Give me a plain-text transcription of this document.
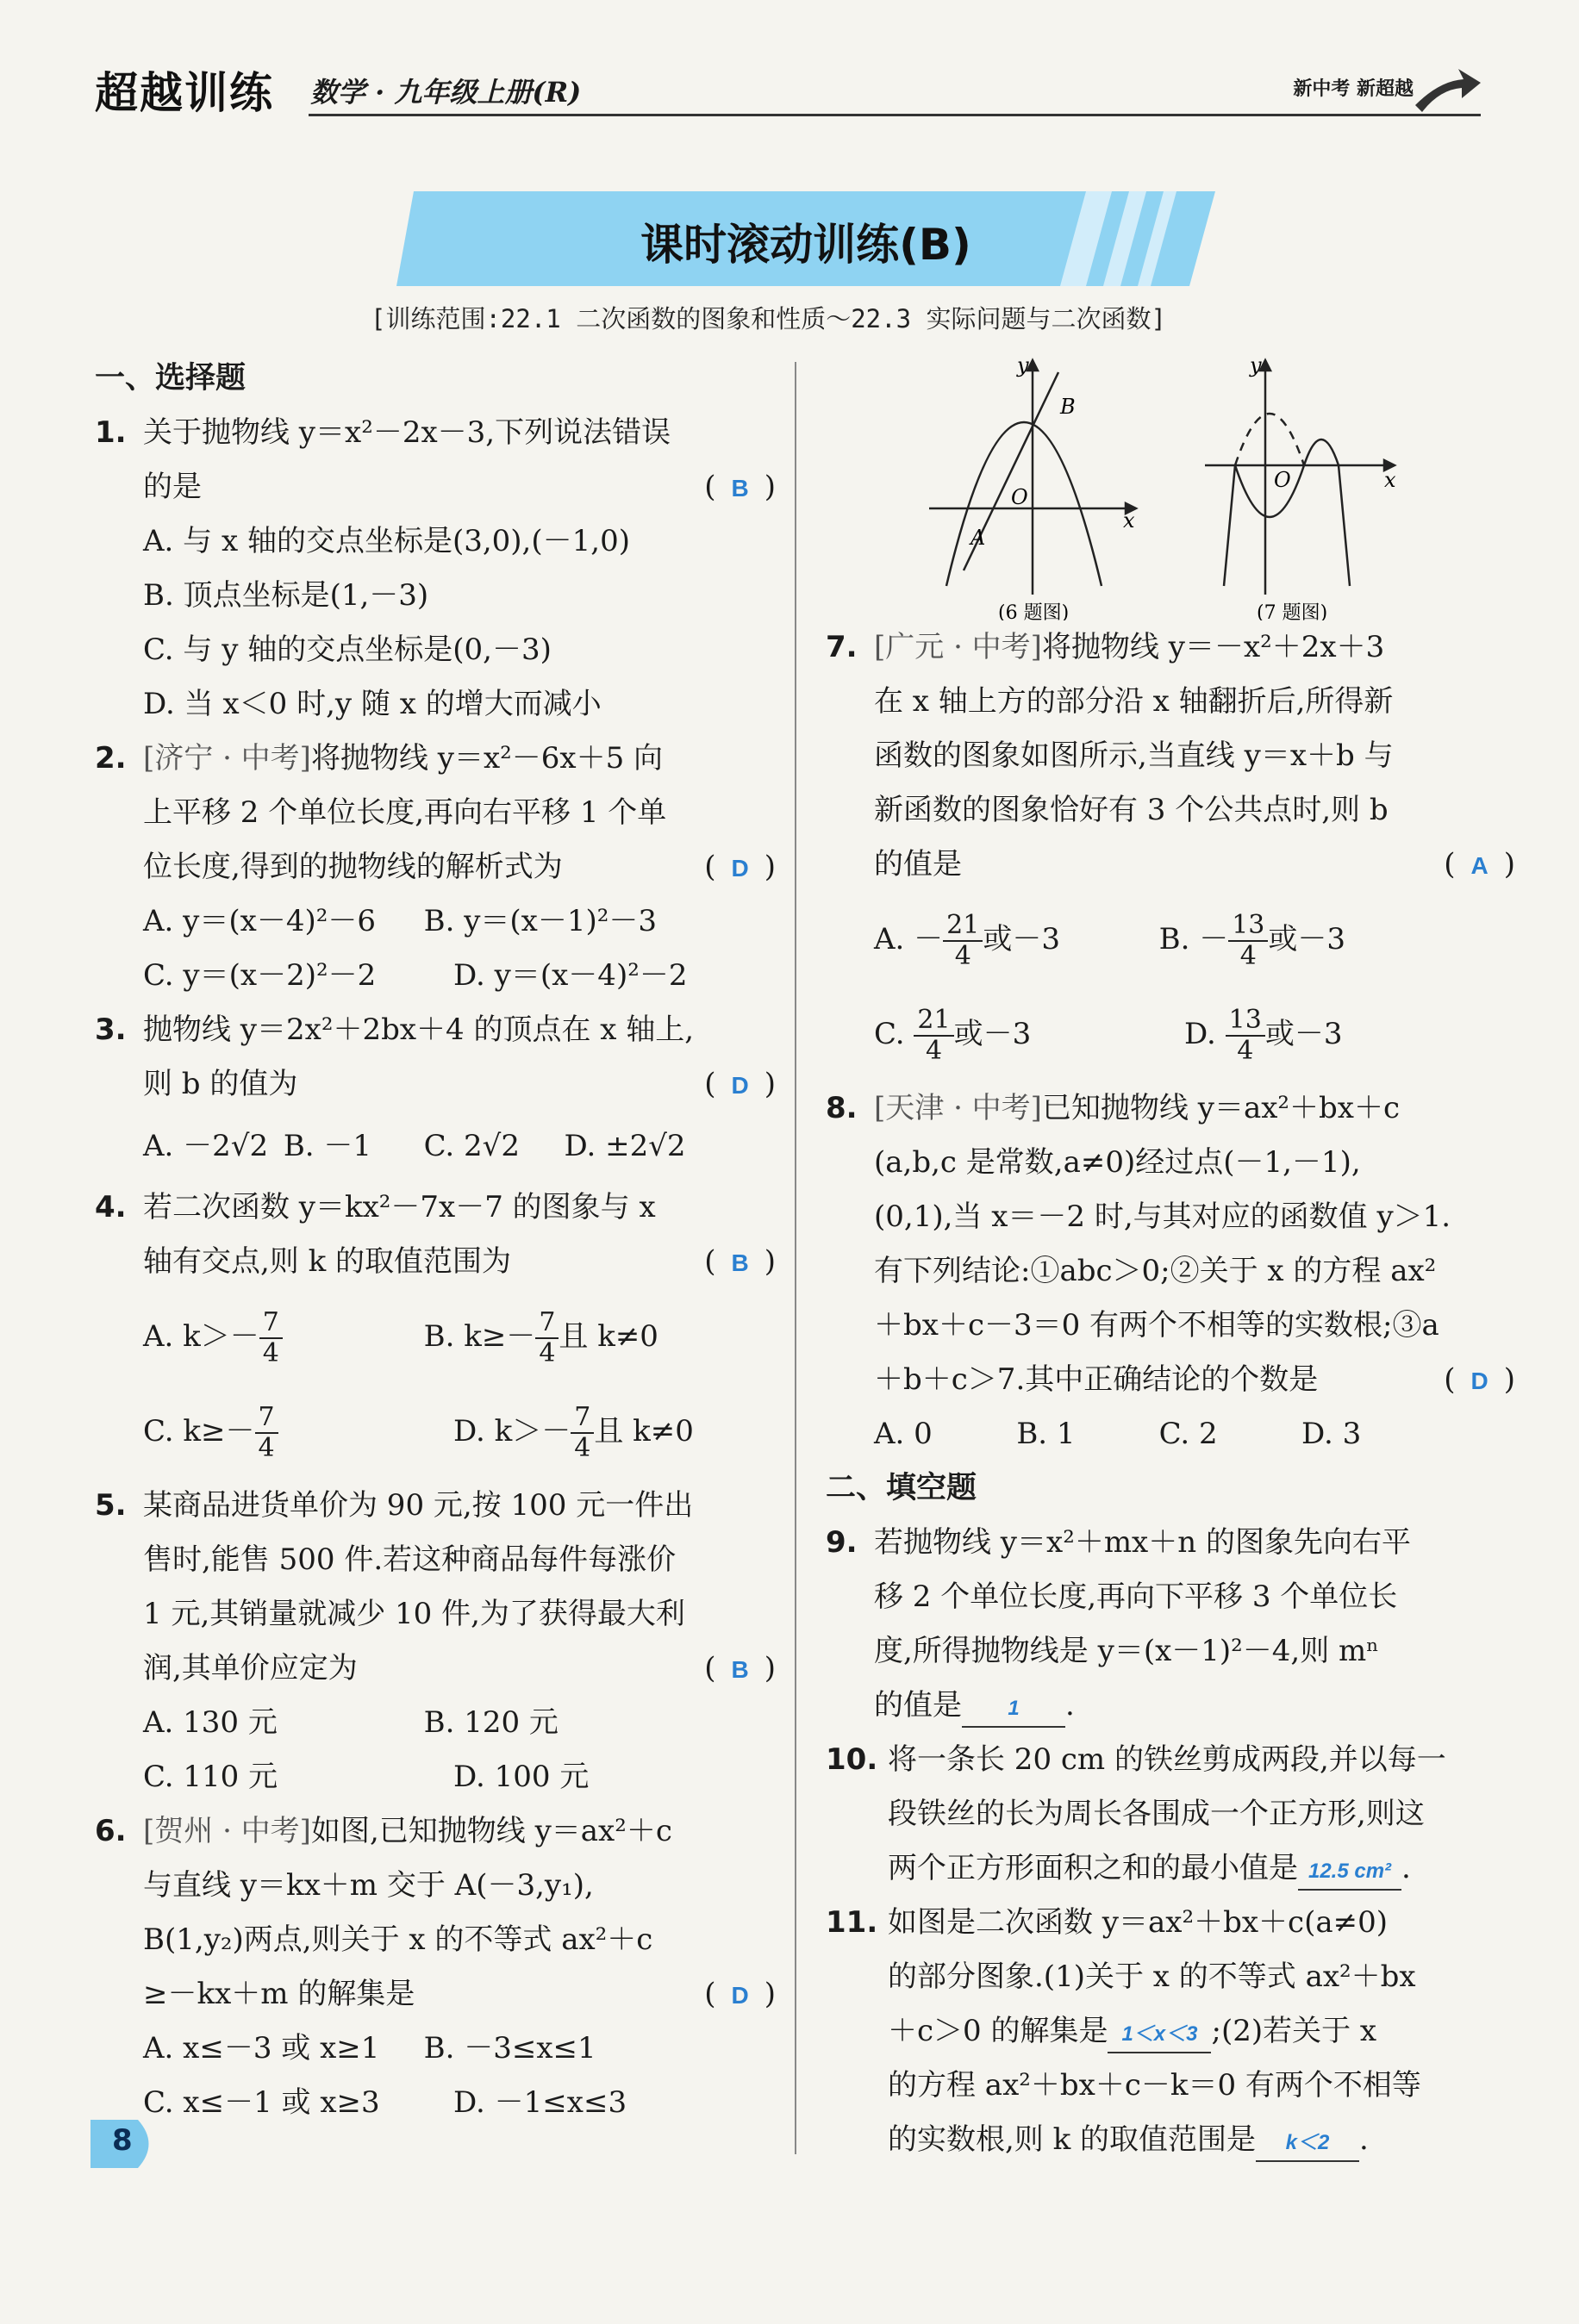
超越训练 数学 · 九年级上册(R)	新中考 新超越
课时滚动训练(B)
[训练范围:22.1 二次函数的图象和性质～22.3 实际问题与二次函数]
一、选择题
1. 关于抛物线 y＝x²－2x－3,下列说法错误
的是	( B )
A. 与 x 轴的交点坐标是(3,0),(－1,0)
B. 顶点坐标是(1,－3)
C. 与 y 轴的交点坐标是(0,－3)
D. 当 x＜0 时,y 随 x 的增大而减小
2. [济宁 · 中考]将抛物线 y＝x²－6x＋5 向
上平移 2 个单位长度,再向右平移 1 个单
位长度,得到的抛物线的解析式为	( D )
A. y＝(x－4)²－6	B. y＝(x－1)²－3
C. y＝(x－2)²－2	D. y＝(x－4)²－2
3. 抛物线 y＝2x²＋2bx＋4 的顶点在 x 轴上,
则 b 的值为	( D )
A. －2√2 B. －1	C. 2√2	D. ±2√2
4. 若二次函数 y＝kx²－7x－7 的图象与 x
轴有交点,则 k 的取值范围为	( B )
A. $k>- \frac{7}{4}$	B. $k\ge- \frac{7}{4}$ 且 k≠0
C. $k\ge- \frac{7}{4}$	D. $k>- \frac{7}{4}$ 且 k≠0
5. 某商品进货单价为 90 元,按 100 元一件出
售时,能售 500 件.若这种商品每件每涨价
1 元,其销量就减少 10 件,为了获得最大利
润,其单价应定为	( B )
A. 130 元	B. 120 元
C. 110 元	D. 100 元
6. [贺州 · 中考]如图,已知抛物线 y＝ax²＋c
与直线 y＝kx＋m 交于 A(－3,y₁),
B(1,y₂)两点,则关于 x 的不等式 ax²＋c
≥－kx＋m 的解集是	( D )
A. x≤－3 或 x≥1	B. －3≤x≤1
C. x≤－1 或 x≥3	D. －1≤x≤3
y
x
O
A
B
(6 题图)
y
x
O
(7 题图)
7. [广元 · 中考]将抛物线 y＝－x²＋2x＋3
在 x 轴上方的部分沿 x 轴翻折后,所得新
函数的图象如图所示,当直线 y＝x＋b 与
新函数的图象恰好有 3 个公共点时,则 b
的值是	( A )
A. － $\frac{21}{4}$ 或－3	B. － $\frac{13}{4}$ 或－3
C. $\frac{21}{4}$ 或－3	D. $\frac{13}{4}$ 或－3
8. [天津 · 中考]已知抛物线 y＝ax²＋bx＋c
(a,b,c 是常数,a≠0)经过点(－1,－1),
(0,1),当 x＝－2 时,与其对应的函数值 y＞1.
有下列结论:①abc＞0;②关于 x 的方程 ax²
＋bx＋c－3＝0 有两个不相等的实数根;③a
＋b＋c＞7.其中正确结论的个数是	( D )
A. 0	B. 1	C. 2	D. 3
二、填空题
9. 若抛物线 y＝x²＋mx＋n 的图象先向右平
移 2 个单位长度,再向下平移 3 个单位长
度,所得抛物线是 y＝(x－1)²－4,则 mⁿ
的值是 1 .
10. 将一条长 20 cm 的铁丝剪成两段,并以每一
段铁丝的长为周长各围成一个正方形,则这
两个正方形面积之和的最小值是 12.5 cm² .
11. 如图是二次函数 y＝ax²＋bx＋c(a≠0)
的部分图象.(1)关于 x 的不等式 ax²＋bx
＋c＞0 的解集是 1＜x＜3 ;(2)若关于 x
的方程 ax²＋bx＋c－k＝0 有两个不相等
的实数根,则 k 的取值范围是 k＜2 .
8
